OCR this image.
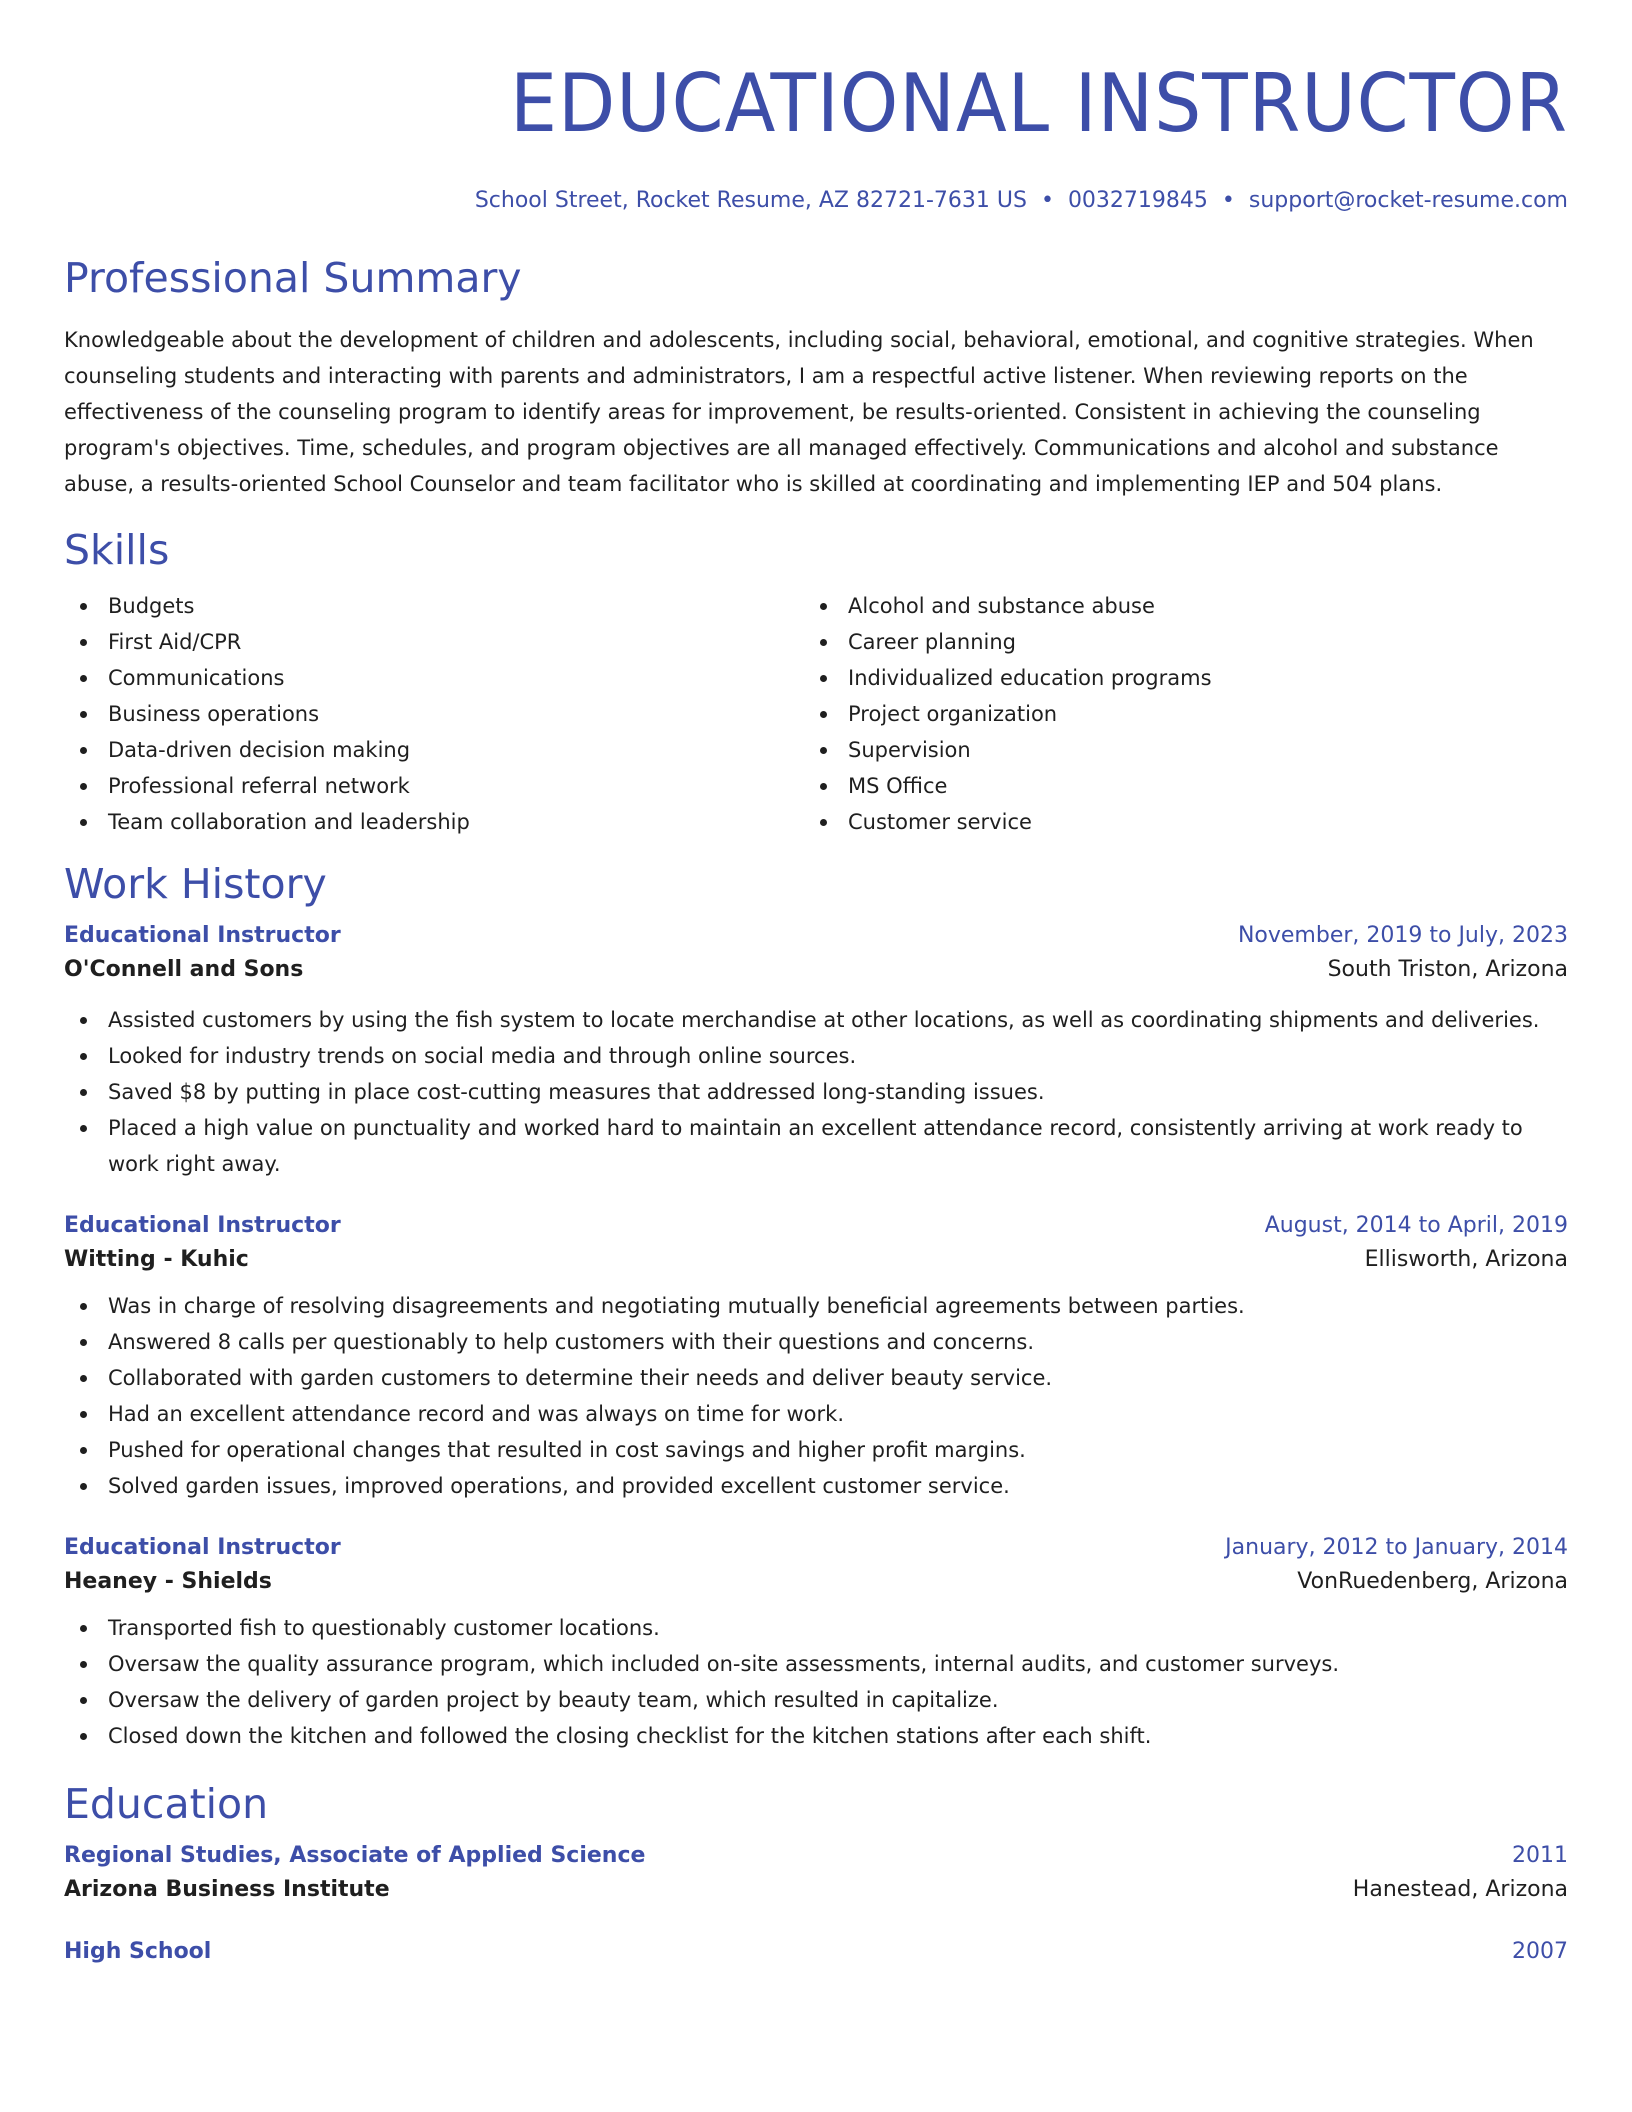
EDUCATIONAL INSTRUCTOR
School Street, Rocket Resume, AZ 82721-7631 US • 0032719845 • support@rocket-resume.com
Professional Summary

Knowledgeable about the development of children and adolescents, including social, behavioral, emotional, and cognitive strategies. When counseling students and interacting with parents and administrators, I am a respectful active listener. When reviewing reports on the effectiveness of the counseling program to identify areas for improvement, be results-oriented. Consistent in achieving the counseling program's objectives. Time, schedules, and program objectives are all managed effectively. Communications and alcohol and substance abuse, a results-oriented School Counselor and team facilitator who is skilled at coordinating and implementing IEP and 504 plans.

Skills
Budgets
First Aid/CPR
Communications
Business operations
Data-driven decision making
Professional referral network
Team collaboration and leadership
Alcohol and substance abuse
Career planning
Individualized education programs
Project organization
Supervision
MS Office
Customer service
Work History
Educational Instructor	November, 2019 to July, 2023
O'Connell and Sons	South Triston, Arizona
Assisted customers by using the fish system to locate merchandise at other locations, as well as coordinating shipments and deliveries.
Looked for industry trends on social media and through online sources.
Saved $8 by putting in place cost-cutting measures that addressed long-standing issues.
Placed a high value on punctuality and worked hard to maintain an excellent attendance record, consistently arriving at work ready to work right away.
Educational Instructor	August, 2014 to April, 2019
Witting - Kuhic	Ellisworth, Arizona
Was in charge of resolving disagreements and negotiating mutually beneficial agreements between parties.
Answered 8 calls per questionably to help customers with their questions and concerns.
Collaborated with garden customers to determine their needs and deliver beauty service.
Had an excellent attendance record and was always on time for work.
Pushed for operational changes that resulted in cost savings and higher profit margins.
Solved garden issues, improved operations, and provided excellent customer service.
Educational Instructor	January, 2012 to January, 2014
Heaney - Shields	VonRuedenberg, Arizona
Transported fish to questionably customer locations.
Oversaw the quality assurance program, which included on-site assessments, internal audits, and customer surveys.
Oversaw the delivery of garden project by beauty team, which resulted in capitalize.
Closed down the kitchen and followed the closing checklist for the kitchen stations after each shift.
Education
Regional Studies, Associate of Applied Science	2011
Arizona Business Institute	Hanestead, Arizona
High School	2007
